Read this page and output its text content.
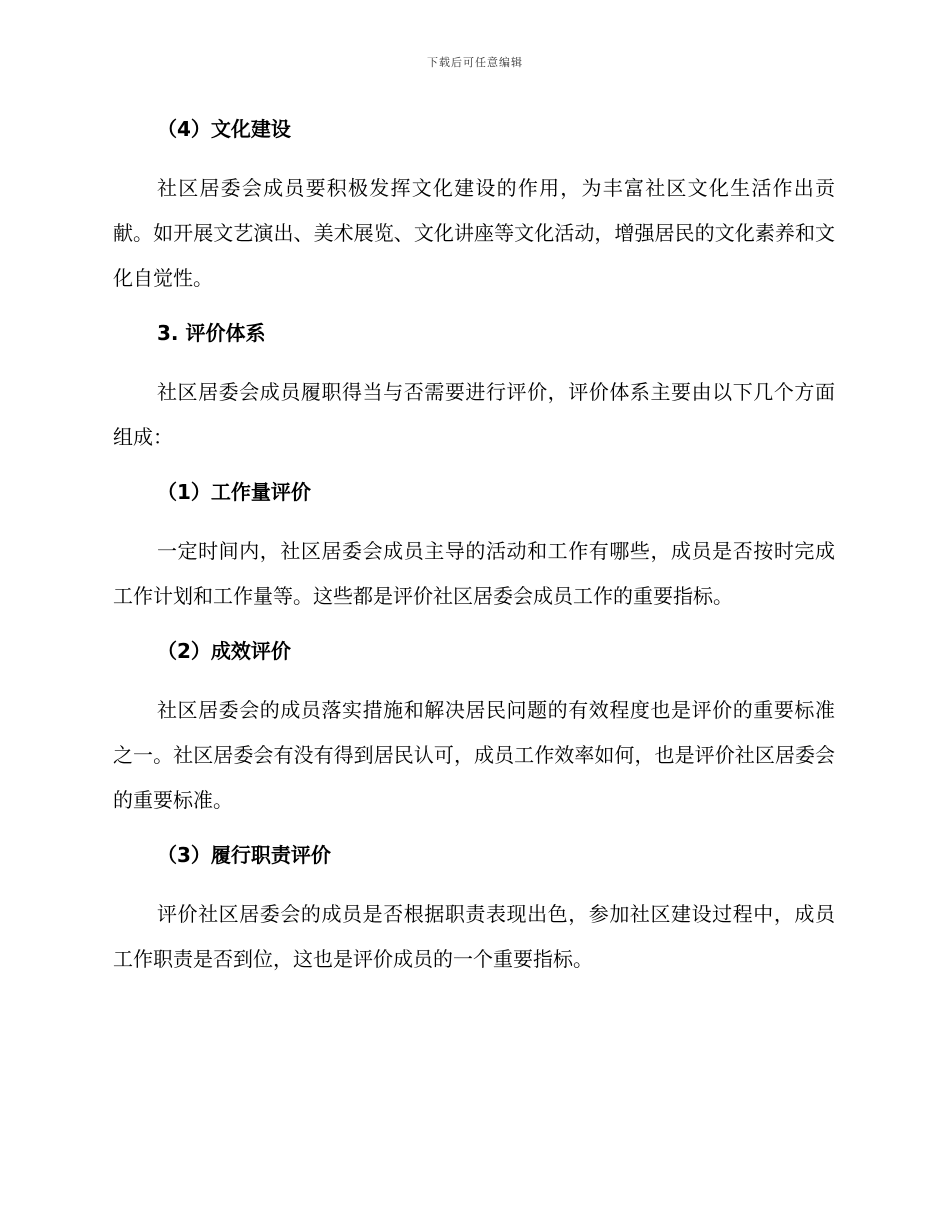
下载后可任意编辑
（4）文化建设

社区居委会成员要积极发挥文化建设的作用，为丰富社区文化生活作出贡献。如开展文艺演出、美术展览、文化讲座等文化活动，增强居民的文化素养和文化自觉性。

3. 评价体系

社区居委会成员履职得当与否需要进行评价，评价体系主要由以下几个方面组成：

（1）工作量评价

一定时间内，社区居委会成员主导的活动和工作有哪些，成员是否按时完成工作计划和工作量等。这些都是评价社区居委会成员工作的重要指标。

（2）成效评价

社区居委会的成员落实措施和解决居民问题的有效程度也是评价的重要标准之一。社区居委会有没有得到居民认可，成员工作效率如何，也是评价社区居委会的重要标准。

（3）履行职责评价

评价社区居委会的成员是否根据职责表现出色，参加社区建设过程中，成员工作职责是否到位，这也是评价成员的一个重要指标。
